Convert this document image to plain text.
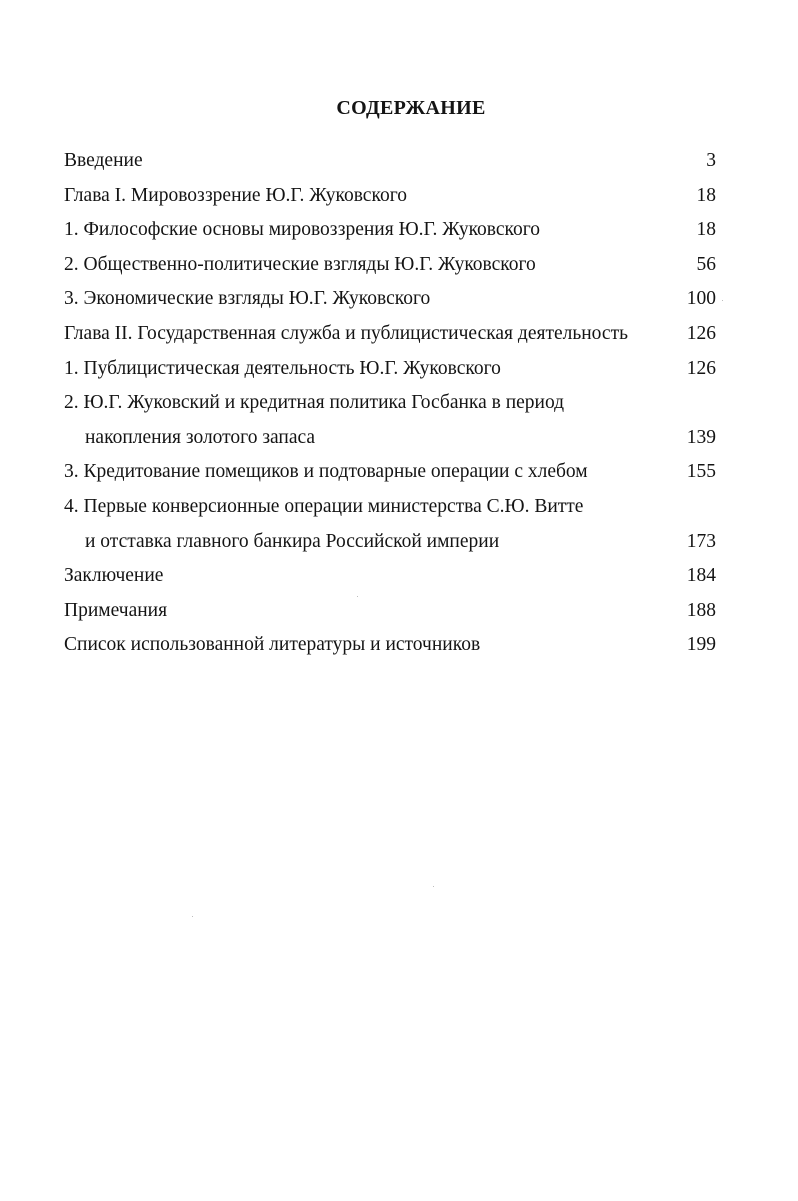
СОДЕРЖАНИЕ
Введение	3
Глава I. Мировоззрение Ю.Г. Жуковского	18
1. Философские основы мировоззрения Ю.Г. Жуковского	18
2. Общественно-политические взгляды Ю.Г. Жуковского	56
3. Экономические взгляды Ю.Г. Жуковского	100
Глава II. Государственная служба и публицистическая деятельность	126
1. Публицистическая деятельность Ю.Г. Жуковского	126
2. Ю.Г. Жуковский и кредитная политика Госбанка в период
накопления золотого запаса	139
3. Кредитование помещиков и подтоварные операции с хлебом	155
4. Первые конверсионные операции министерства С.Ю. Витте
и отставка главного банкира Российской империи	173
Заключение	184
Примечания	188
Список использованной литературы и источников	199
